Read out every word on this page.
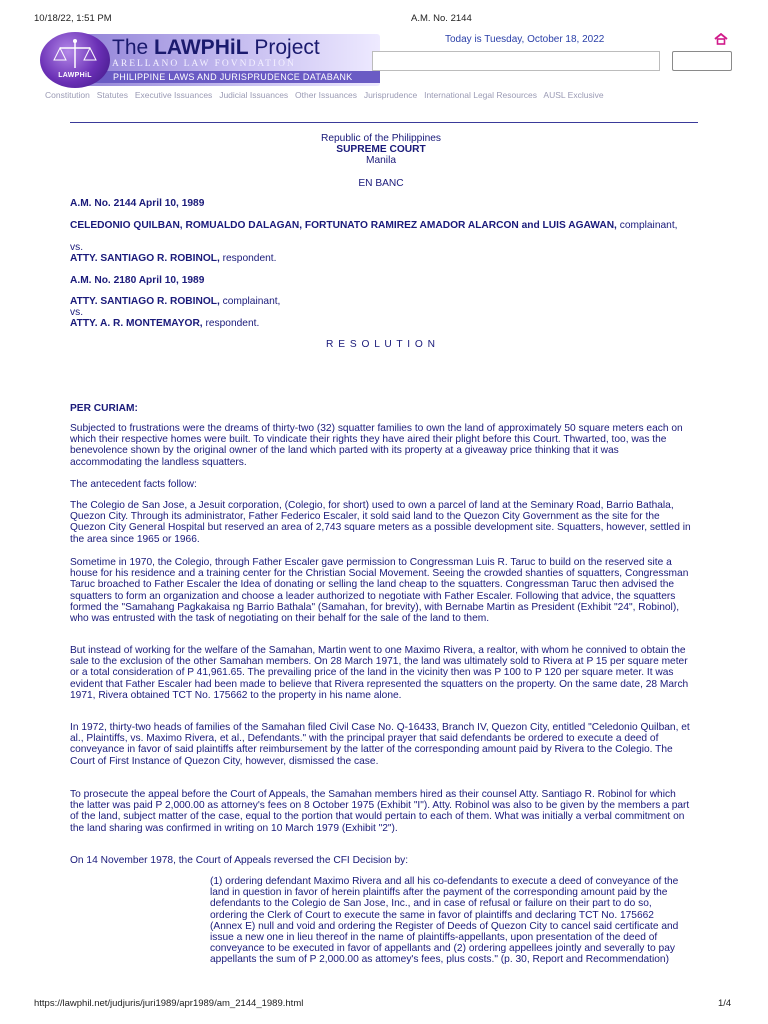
10/18/22, 1:51 PM	A.M. No. 2144
PHILIPPINE LAWS AND JURISPRUDENCE DATABANK
LAWPHiL
The LAWPHiL Project
ARELLANO LAW FOVNDATION
Today is Tuesday, October 18, 2022
Constitution Statutes Executive Issuances Judicial Issuances Other Issuances Jurisprudence International Legal Resources AUSL Exclusive
Republic of the Philippines
SUPREME COURT
Manila
EN BANC
A.M. No. 2144 April 10, 1989
CELEDONIO QUILBAN, ROMUALDO DALAGAN, FORTUNATO RAMIREZ AMADOR ALARCON and LUIS AGAWAN, complainant,
vs.
ATTY. SANTIAGO R. ROBINOL, respondent.
A.M. No. 2180 April 10, 1989
ATTY. SANTIAGO R. ROBINOL, complainant,
vs.
ATTY. A. R. MONTEMAYOR, respondent.
R E S O L U T I O N
PER CURIAM:
Subjected to frustrations were the dreams of thirty-two (32) squatter families to own the land of approximately 50 square meters each on which their respective homes were built. To vindicate their rights they have aired their plight before this Court. Thwarted, too, was the benevolence shown by the original owner of the land which parted with its property at a giveaway price thinking that it was accommodating the landless squatters.
The antecedent facts follow:
The Colegio de San Jose, a Jesuit corporation, (Colegio, for short) used to own a parcel of land at the Seminary Road, Barrio Bathala, Quezon City. Through its administrator, Father Federico Escaler, it sold said land to the Quezon City Government as the site for the Quezon City General Hospital but reserved an area of 2,743 square meters as a possible development site. Squatters, however, settled in the area since 1965 or 1966.
Sometime in 1970, the Colegio, through Father Escaler gave permission to Congressman Luis R. Taruc to build on the reserved site a house for his residence and a training center for the Christian Social Movement. Seeing the crowded shanties of squatters, Congressman Taruc broached to Father Escaler the Idea of donating or selling the land cheap to the squatters. Congressman Taruc then advised the squatters to form an organization and choose a leader authorized to negotiate with Father Escaler. Following that advice, the squatters formed the "Samahang Pagkakaisa ng Barrio Bathala" (Samahan, for brevity), with Bernabe Martin as President (Exhibit "24", Robinol), who was entrusted with the task of negotiating on their behalf for the sale of the land to them.
But instead of working for the welfare of the Samahan, Martin went to one Maximo Rivera, a realtor, with whom he connived to obtain the sale to the exclusion of the other Samahan members. On 28 March 1971, the land was ultimately sold to Rivera at P 15 per square meter or a total consideration of P 41,961.65. The prevailing price of the land in the vicinity then was P 100 to P 120 per square meter. It was evident that Father Escaler had been made to believe that Rivera represented the squatters on the property. On the same date, 28 March 1971, Rivera obtained TCT No. 175662 to the property in his name alone.
In 1972, thirty-two heads of families of the Samahan filed Civil Case No. Q-16433, Branch IV, Quezon City, entitled "Celedonio Quilban, et al., Plaintiffs, vs. Maximo Rivera, et al., Defendants." with the principal prayer that said defendants be ordered to execute a deed of conveyance in favor of said plaintiffs after reimbursement by the latter of the corresponding amount paid by Rivera to the Colegio. The Court of First Instance of Quezon City, however, dismissed the case.
To prosecute the appeal before the Court of Appeals, the Samahan members hired as their counsel Atty. Santiago R. Robinol for which the latter was paid P 2,000.00 as attorney's fees on 8 October 1975 (Exhibit "I"). Atty. Robinol was also to be given by the members a part of the land, subject matter of the case, equal to the portion that would pertain to each of them. What was initially a verbal commitment on the land sharing was confirmed in writing on 10 March 1979 (Exhibit "2").
On 14 November 1978, the Court of Appeals reversed the CFI Decision by:
(1) ordering defendant Maximo Rivera and all his co-defendants to execute a deed of conveyance of the land in question in favor of herein plaintiffs after the payment of the corresponding amount paid by the defendants to the Colegio de San Jose, Inc., and in case of refusal or failure on their part to do so, ordering the Clerk of Court to execute the same in favor of plaintiffs and declaring TCT No. 175662 (Annex E) null and void and ordering the Register of Deeds of Quezon City to cancel said certificate and issue a new one in lieu thereof in the name of plaintiffs-appellants, upon presentation of the deed of conveyance to be executed in favor of appellants and (2) ordering appellees jointly and severally to pay appellants the sum of P 2,000.00 as attomey's fees, plus costs." (p. 30, Report and Recommendation)
https://lawphil.net/judjuris/juri1989/apr1989/am_2144_1989.html	1/4
